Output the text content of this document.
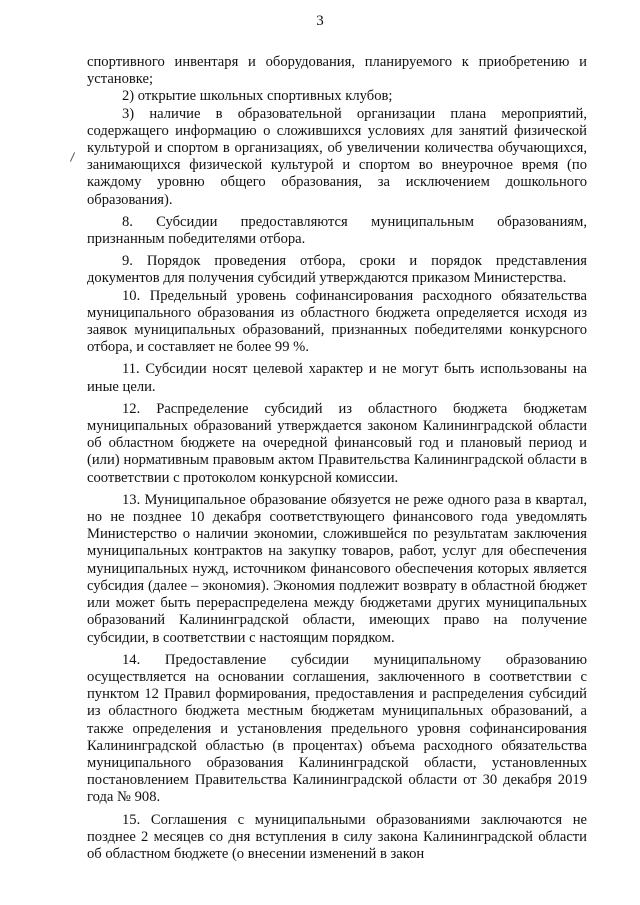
3

спортивного инвентаря и оборудования, планируемого к приобретению и установке;

2) открытие школьных спортивных клубов;

3) наличие в образовательной организации плана мероприятий, содержащего информацию о сложившихся условиях для занятий физической культурой и спортом в организациях, об увеличении количества обучающихся, занимающихся физической культурой и спортом во внеурочное время (по каждому уровню общего образования, за исключением дошкольного образования).

8. Субсидии предоставляются муниципальным образованиям, признанным победителями отбора.

9. Порядок проведения отбора, сроки и порядок представления документов для получения субсидий утверждаются приказом Министерства.

10. Предельный уровень софинансирования расходного обязательства муниципального образования из областного бюджета определяется исходя из заявок муниципальных образований, признанных победителями конкурсного отбора, и составляет не более 99 %.

11. Субсидии носят целевой характер и не могут быть использованы на иные цели.

12. Распределение субсидий из областного бюджета бюджетам муниципальных образований утверждается законом Калининградской области об областном бюджете на очередной финансовый год и плановый период и (или) нормативным правовым актом Правительства Калининградской области в соответствии с протоколом конкурсной комиссии.

13. Муниципальное образование обязуется не реже одного раза в квартал, но не позднее 10 декабря соответствующего финансового года уведомлять Министерство о наличии экономии, сложившейся по результатам заключения муниципальных контрактов на закупку товаров, работ, услуг для обеспечения муниципальных нужд, источником финансового обеспечения которых является субсидия (далее – экономия). Экономия подлежит возврату в областной бюджет или может быть перераспределена между бюджетами других муниципальных образований Калининградской области, имеющих право на получение субсидии, в соответствии с настоящим порядком.

14. Предоставление субсидии муниципальному образованию осуществляется на основании соглашения, заключенного в соответствии с пунктом 12 Правил формирования, предоставления и распределения субсидий из областного бюджета местным бюджетам муниципальных образований, а также определения и установления предельного уровня софинансирования Калининградской областью (в процентах) объема расходного обязательства муниципального образования Калининградской области, установленных постановлением Правительства Калининградской области от 30 декабря 2019 года № 908.

15. Соглашения с муниципальными образованиями заключаются не позднее 2 месяцев со дня вступления в силу закона Калининградской области об областном бюджете (о внесении изменений в закон
